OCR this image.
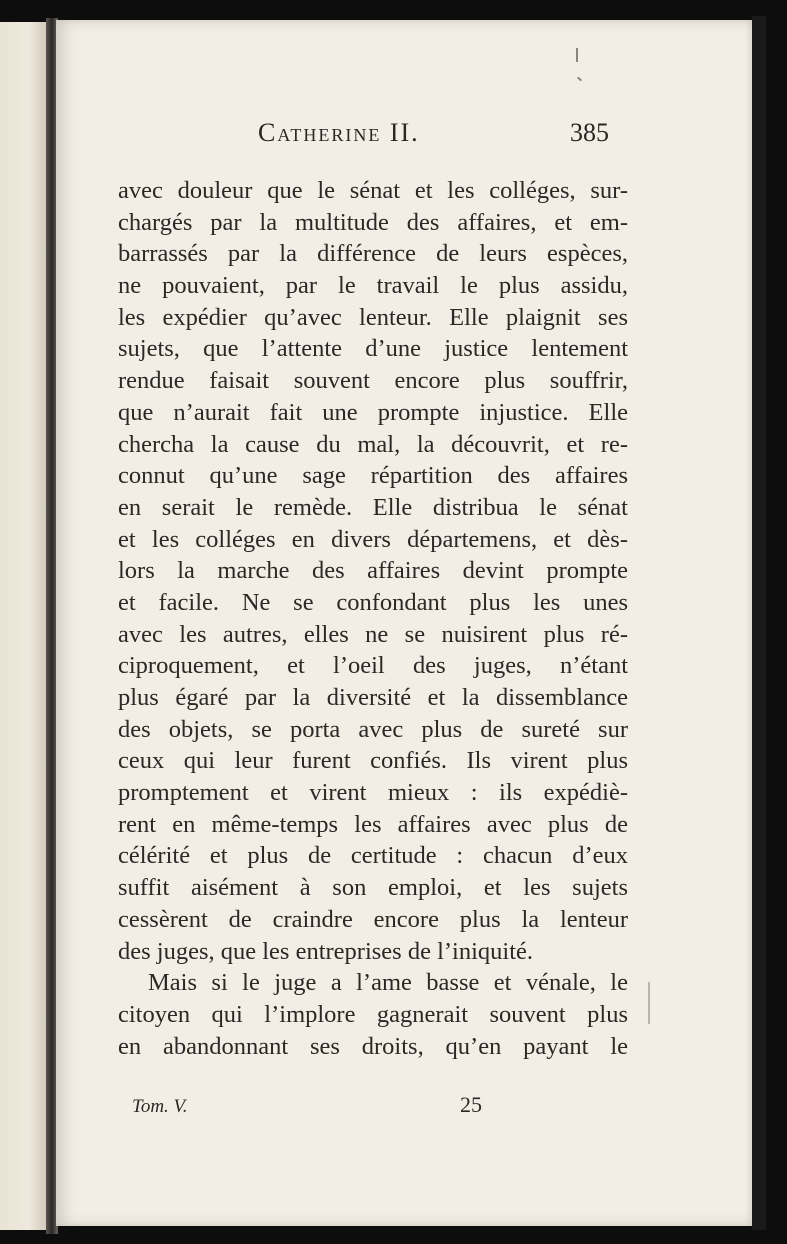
Catherine II.	385
avec douleur que le sénat et les colléges, sur-
chargés par la multitude des affaires, et em-
barrassés par la différence de leurs espèces,
ne pouvaient, par le travail le plus assidu,
les expédier qu’avec lenteur. Elle plaignit ses
sujets, que l’attente d’une justice lentement
rendue faisait souvent encore plus souffrir,
que n’aurait fait une prompte injustice. Elle
chercha la cause du mal, la découvrit, et re-
connut qu’une sage répartition des affaires
en serait le remède. Elle distribua le sénat
et les colléges en divers départemens, et dès-
lors la marche des affaires devint prompte
et facile. Ne se confondant plus les unes
avec les autres, elles ne se nuisirent plus ré-
ciproquement, et l’oeil des juges, n’étant
plus égaré par la diversité et la dissemblance
des objets, se porta avec plus de sureté sur
ceux qui leur furent confiés. Ils virent plus
promptement et virent mieux : ils expédiè-
rent en même-temps les affaires avec plus de
célérité et plus de certitude : chacun d’eux
suffit aisément à son emploi, et les sujets
cessèrent de craindre encore plus la lenteur
des juges, que les entreprises de l’iniquité.
Mais si le juge a l’ame basse et vénale, le
citoyen qui l’implore gagnerait souvent plus
en abandonnant ses droits, qu’en payant le
Tom. V.	25
